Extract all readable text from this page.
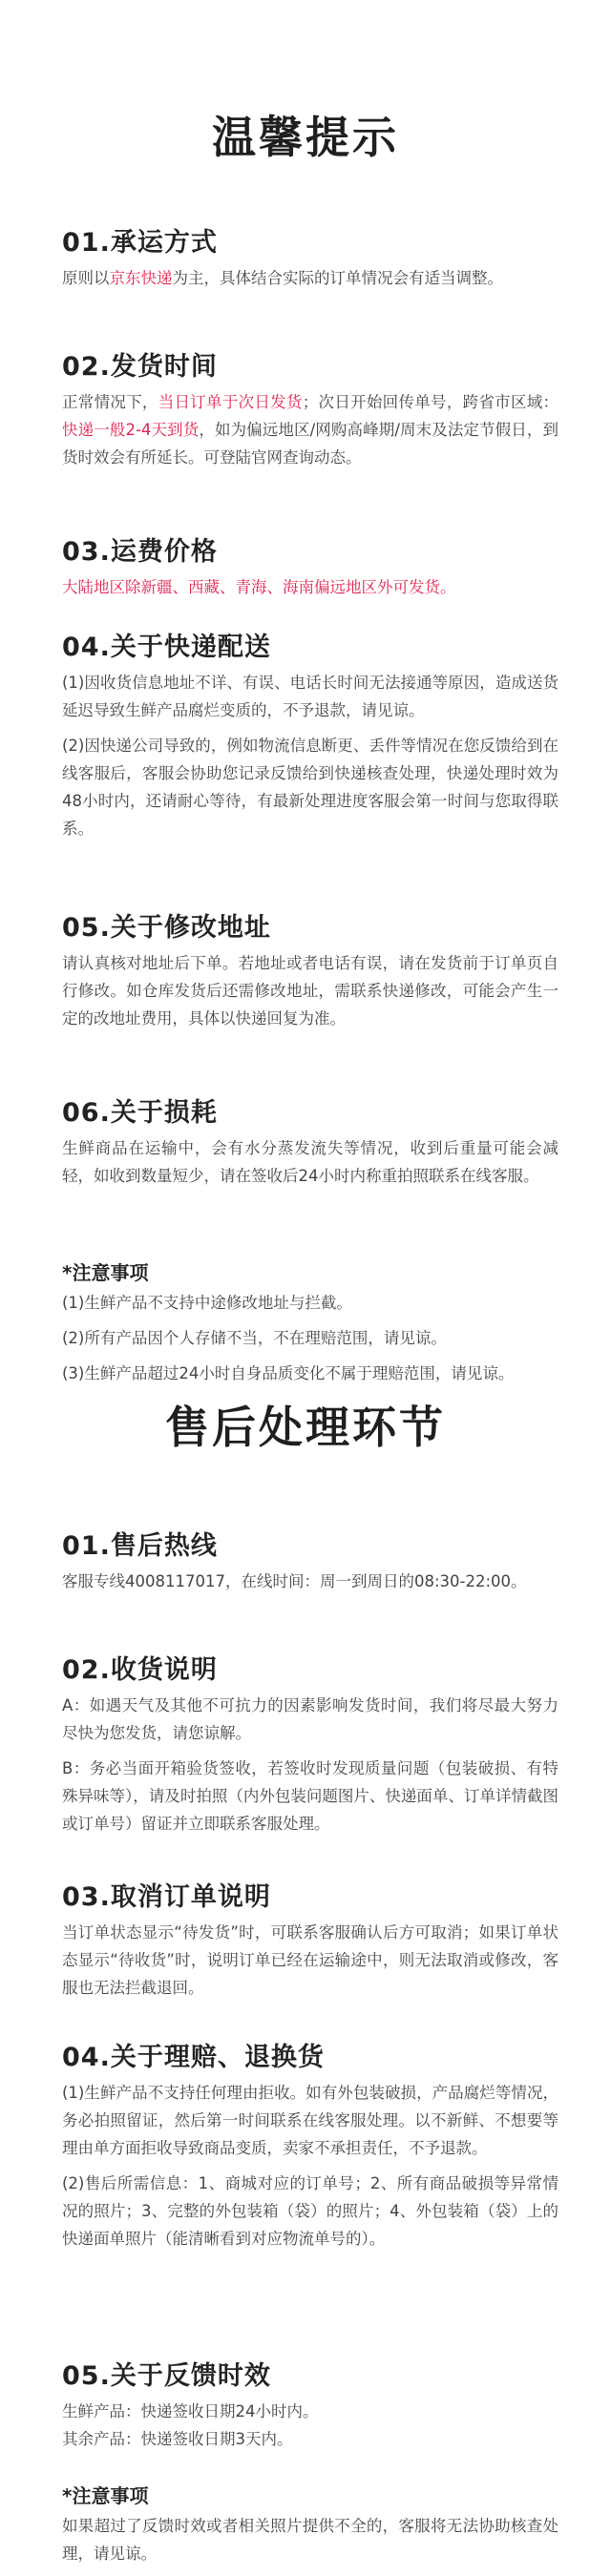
温馨提示
01.承运方式

原则以京东快递为主，具体结合实际的订单情况会有适当调整。

02.发货时间

正常情况下，当日订单于次日发货；次日开始回传单号，跨省市区域：快递一般2-4天到货，如为偏远地区/网购高峰期/周末及法定节假日，到货时效会有所延长。可登陆官网查询动态。

03.运费价格

大陆地区除新疆、西藏、青海、海南偏远地区外可发货。

04.关于快递配送

(1)因收货信息地址不详、有误、电话长时间无法接通等原因，造成送货延迟导致生鲜产品腐烂变质的，不予退款，请见谅。

(2)因快递公司导致的，例如物流信息断更、丢件等情况在您反馈给到在线客服后，客服会协助您记录反馈给到快递核查处理，快递处理时效为48小时内，还请耐心等待，有最新处理进度客服会第一时间与您取得联系。

05.关于修改地址

请认真核对地址后下单。若地址或者电话有误，请在发货前于订单页自行修改。如仓库发货后还需修改地址，需联系快递修改，可能会产生一定的改地址费用，具体以快递回复为准。

06.关于损耗

生鲜商品在运输中，会有水分蒸发流失等情况，收到后重量可能会减轻，如收到数量短少，请在签收后24小时内称重拍照联系在线客服。

*注意事项

(1)生鲜产品不支持中途修改地址与拦截。

(2)所有产品因个人存储不当，不在理赔范围，请见谅。

(3)生鲜产品超过24小时自身品质变化不属于理赔范围，请见谅。

售后处理环节
01.售后热线

客服专线4008117017，在线时间：周一到周日的08:30-22:00。

02.收货说明

A：如遇天气及其他不可抗力的因素影响发货时间，我们将尽最大努力尽快为您发货，请您谅解。

B：务必当面开箱验货签收，若签收时发现质量问题（包装破损、有特殊异味等），请及时拍照（内外包装问题图片、快递面单、订单详情截图或订单号）留证并立即联系客服处理。

03.取消订单说明

当订单状态显示“待发货”时，可联系客服确认后方可取消；如果订单状态显示“待收货”时，说明订单已经在运输途中，则无法取消或修改，客服也无法拦截退回。

04.关于理赔、退换货

(1)生鲜产品不支持任何理由拒收。如有外包装破损，产品腐烂等情况，务必拍照留证，然后第一时间联系在线客服处理。以不新鲜、不想要等理由单方面拒收导致商品变质，卖家不承担责任，不予退款。

(2)售后所需信息：1、商城对应的订单号；2、所有商品破损等异常情况的照片；3、完整的外包装箱（袋）的照片；4、外包装箱（袋）上的快递面单照片（能清晰看到对应物流单号的）。

05.关于反馈时效

生鲜产品：快递签收日期24小时内。

其余产品：快递签收日期3天内。

*注意事项

如果超过了反馈时效或者相关照片提供不全的，客服将无法协助核查处理，请见谅。
